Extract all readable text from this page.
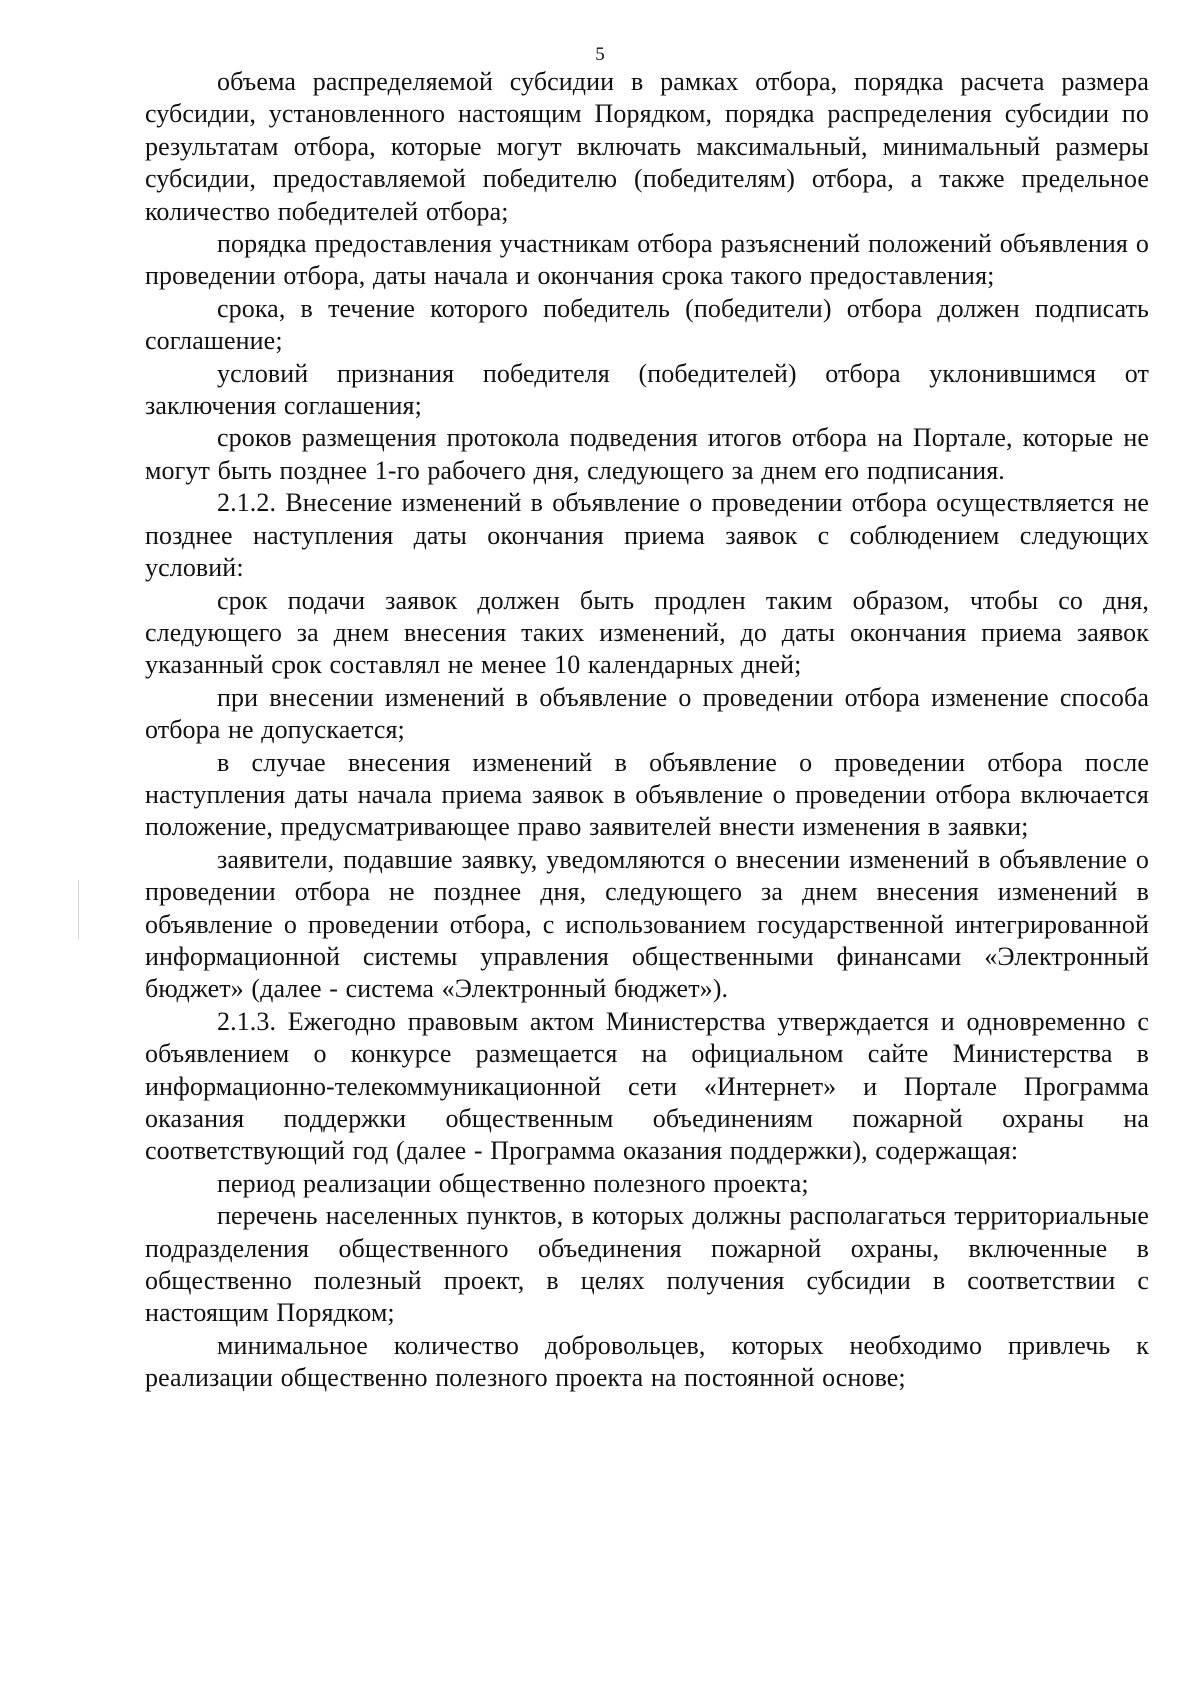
5

объема распределяемой субсидии в рамках отбора, порядка расчета размера субсидии, установленного настоящим Порядком, порядка распределения субсидии по результатам отбора, которые могут включать максимальный, минимальный размеры субсидии, предоставляемой победителю (победителям) отбора, а также предельное количество победителей отбора;

порядка предоставления участникам отбора разъяснений положений объявления о проведении отбора, даты начала и окончания срока такого предоставления;

срока, в течение которого победитель (победители) отбора должен подписать соглашение;

условий признания победителя (победителей) отбора уклонившимся от заключения соглашения;

сроков размещения протокола подведения итогов отбора на Портале, которые не могут быть позднее 1-го рабочего дня, следующего за днем его подписания.

2.1.2. Внесение изменений в объявление о проведении отбора осуществляется не позднее наступления даты окончания приема заявок с соблюдением следующих условий:

срок подачи заявок должен быть продлен таким образом, чтобы со дня, следующего за днем внесения таких изменений, до даты окончания приема заявок указанный срок составлял не менее 10 календарных дней;

при внесении изменений в объявление о проведении отбора изменение способа отбора не допускается;

в случае внесения изменений в объявление о проведении отбора после наступления даты начала приема заявок в объявление о проведении отбора включается положение, предусматривающее право заявителей внести изменения в заявки;

заявители, подавшие заявку, уведомляются о внесении изменений в объявление о проведении отбора не позднее дня, следующего за днем внесения изменений в объявление о проведении отбора, с использованием государственной интегрированной информационной системы управления общественными финансами «Электронный бюджет» (далее - система «Электронный бюджет»).

2.1.3. Ежегодно правовым актом Министерства утверждается и одновременно с объявлением о конкурсе размещается на официальном сайте Министерства в информационно-телекоммуникационной сети «Интернет» и Портале Программа оказания поддержки общественным объединениям пожарной охраны на соответствующий год (далее - Программа оказания поддержки), содержащая:

период реализации общественно полезного проекта;

перечень населенных пунктов, в которых должны располагаться территориальные подразделения общественного объединения пожарной охраны, включенные в общественно полезный проект, в целях получения субсидии в соответствии с настоящим Порядком;

минимальное количество добровольцев, которых необходимо привлечь к реализации общественно полезного проекта на постоянной основе;
